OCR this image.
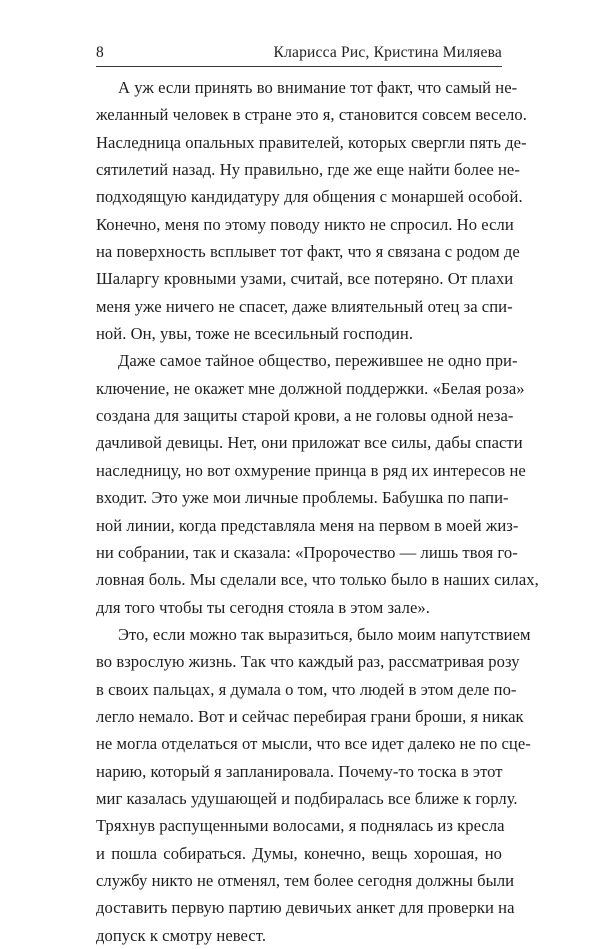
8	Кларисса Рис, Кристина Миляева

А уж если принять во внимание тот факт, что самый не-
желанный человек в стране это я, становится совсем весело.
Наследница опальных правителей, которых свергли пять де-
сятилетий назад. Ну правильно, где же еще найти более не-
подходящую кандидатуру для общения с монаршей особой.
Конечно, меня по этому поводу никто не спросил. Но если
на поверхность всплывет тот факт, что я связана с родом де
Шаларгу кровными узами, считай, все потеряно. От плахи
меня уже ничего не спасет, даже влиятельный отец за спи-
ной. Он, увы, тоже не всесильный господин.

Даже самое тайное общество, пережившее не одно при-
ключение, не окажет мне должной поддержки. «Белая роза»
создана для защиты старой крови, а не головы одной неза-
дачливой девицы. Нет, они приложат все силы, дабы спасти
наследницу, но вот охмурение принца в ряд их интересов не
входит. Это уже мои личные проблемы. Бабушка по папи-
ной линии, когда представляла меня на первом в моей жиз-
ни собрании, так и сказала: «Пророчество — лишь твоя го-
ловная боль. Мы сделали все, что только было в наших силах,
для того чтобы ты сегодня стояла в этом зале».

Это, если можно так выразиться, было моим напутствием
во взрослую жизнь. Так что каждый раз, рассматривая розу
в своих пальцах, я думала о том, что людей в этом деле по-
легло немало. Вот и сейчас перебирая грани броши, я никак
не могла отделаться от мысли, что все идет далеко не по сце-
нарию, который я запланировала. Почему-то тоска в этот
миг казалась удушающей и подбиралась все ближе к горлу.
Тряхнув распущенными волосами, я поднялась из кресла
и пошла собираться. Думы, конечно, вещь хорошая, но
службу никто не отменял, тем более сегодня должны были
доставить первую партию девичьих анкет для проверки на
допуск к смотру невест.
